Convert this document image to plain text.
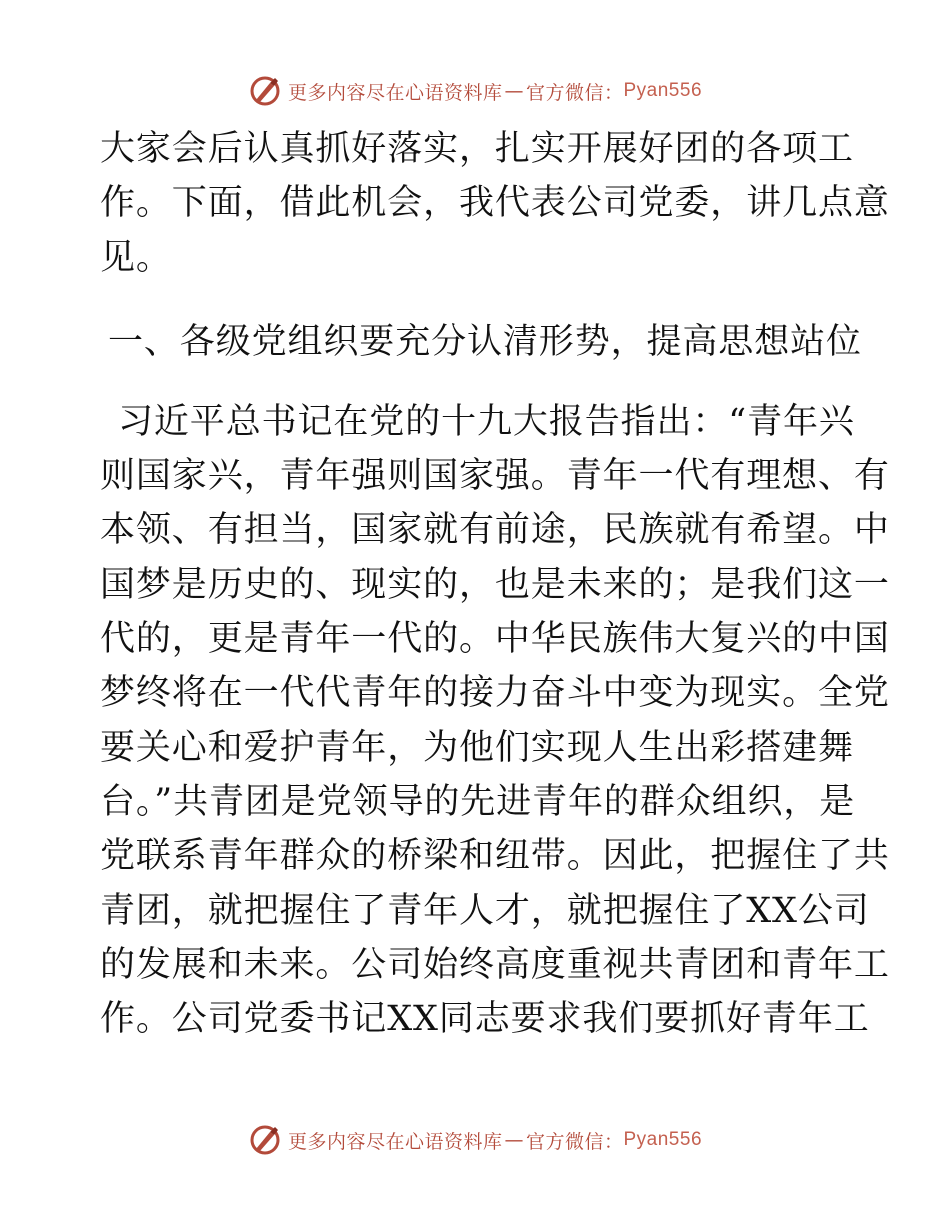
更多内容尽在心语资料库 — 官方微信： Pyan556
大家会后认真抓好落实，扎实开展好团的各项工
作。下面，借此机会，我代表公司党委，讲几点意
见。
一、各级党组织要充分认清形势，提高思想站位
习近平总书记在党的十九大报告指出：“青年兴
则国家兴，青年强则国家强。青年一代有理想、有
本领、有担当，国家就有前途，民族就有希望。中
国梦是历史的、现实的，也是未来的；是我们这一
代的，更是青年一代的。中华民族伟大复兴的中国
梦终将在一代代青年的接力奋斗中变为现实。全党
要关心和爱护青年，为他们实现人生出彩搭建舞
台。”共青团是党领导的先进青年的群众组织，是
党联系青年群众的桥梁和纽带。因此，把握住了共
青团，就把握住了青年人才，就把握住了XX公司
的发展和未来。公司始终高度重视共青团和青年工
作。公司党委书记XX同志要求我们要抓好青年工
更多内容尽在心语资料库 — 官方微信： Pyan556
